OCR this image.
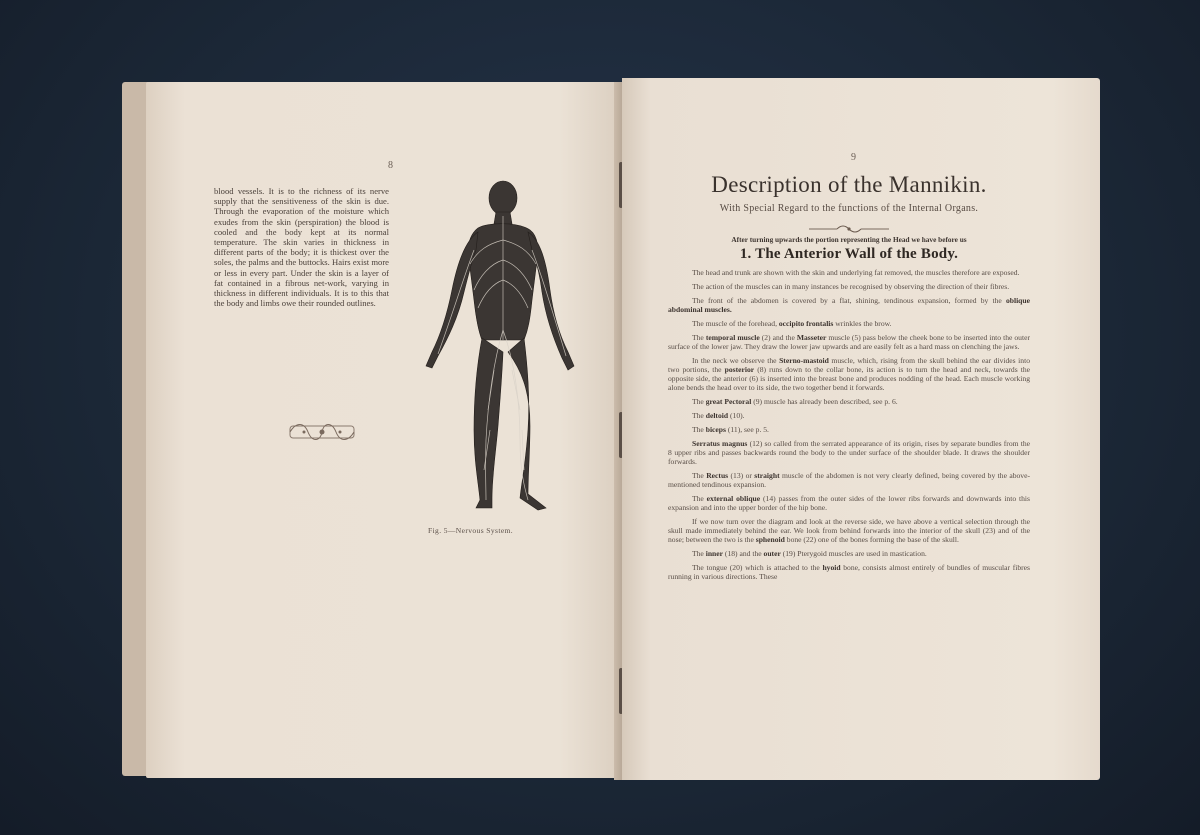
8
blood vessels. It is to the richness of its nerve supply that the sensitiveness of the skin is due. Through the evaporation of the moisture which exudes from the skin (perspiration) the blood is cooled and the body kept at its normal temperature. The skin varies in thickness in different parts of the body; it is thickest over the soles, the palms and the buttocks. Hairs exist more or less in every part. Under the skin is a layer of fat contained in a fibrous net-work, varying in thickness in different individuals. It is to this that the body and limbs owe their rounded outlines.
Fig. 5—Nervous System.
9
Description of the Mannikin.
With Special Regard to the functions of the Internal Organs.
After turning upwards the portion representing the Head we have before us
1. The Anterior Wall of the Body.
The head and trunk are shown with the skin and underlying fat removed, the muscles therefore are exposed.
The action of the muscles can in many instances be recognised by observing the direction of their fibres.
The front of the abdomen is covered by a flat, shining, tendinous expansion, formed by the oblique abdominal muscles.
The muscle of the forehead, occipito frontalis wrinkles the brow.
The temporal muscle (2) and the Masseter muscle (5) pass below the cheek bone to be inserted into the outer surface of the lower jaw. They draw the lower jaw upwards and are easily felt as a hard mass on clenching the jaws.
In the neck we observe the Sterno-mastoid muscle, which, rising from the skull behind the ear divides into two portions, the posterior (8) runs down to the collar bone, its action is to turn the head and neck, towards the opposite side, the anterior (6) is inserted into the breast bone and produces nodding of the head. Each muscle working alone bends the head over to its side, the two together bend it forwards.
The great Pectoral (9) muscle has already been described, see p. 6.
The deltoid (10).
The biceps (11), see p. 5.
Serratus magnus (12) so called from the serrated appearance of its origin, rises by separate bundles from the 8 upper ribs and passes backwards round the body to the under surface of the shoulder blade. It draws the shoulder forwards.
The Rectus (13) or straight muscle of the abdomen is not very clearly defined, being covered by the above-mentioned tendinous expansion.
The external oblique (14) passes from the outer sides of the lower ribs forwards and downwards into this expansion and into the upper border of the hip bone.
If we now turn over the diagram and look at the reverse side, we have above a vertical selection through the skull made immediately behind the ear. We look from behind forwards into the interior of the skull (23) and of the nose; between the two is the sphenoid bone (22) one of the bones forming the base of the skull.
The inner (18) and the outer (19) Pterygoid muscles are used in mastication.
The tongue (20) which is attached to the hyoid bone, consists almost entirely of bundles of muscular fibres running in various directions. These
